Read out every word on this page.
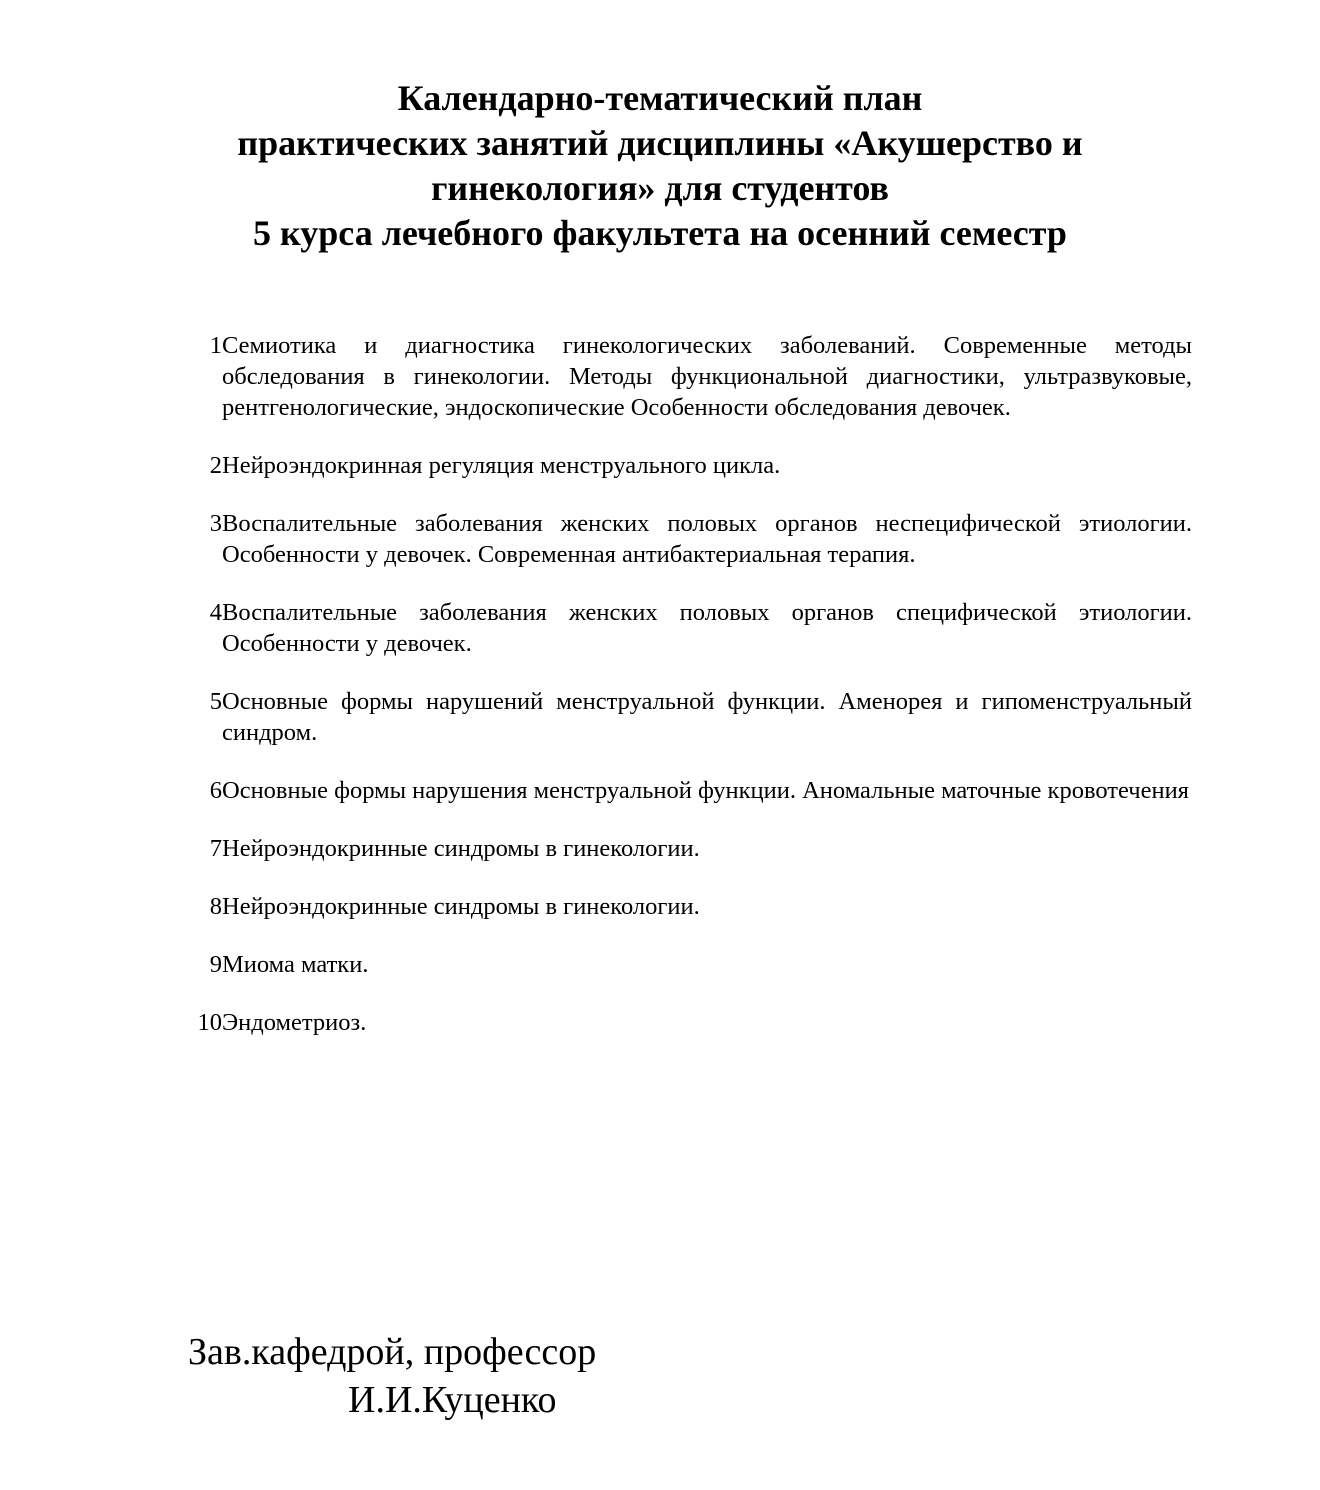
Календарно-тематический план
практических занятий дисциплины «Акушерство и
гинекология» для студентов
5 курса лечебного факультета на осенний семестр
1 Семиотика и диагностика гинекологических заболеваний. Современные методы обследования в гинекологии. Методы функциональной диагностики, ультразвуковые, рентгенологические, эндоскопические Особенности обследования девочек.
2 Нейроэндокринная регуляция менструального цикла.
3 Воспалительные заболевания женских половых органов неспецифической этиологии. Особенности у девочек. Современная антибактериальная терапия.
4 Воспалительные заболевания женских половых органов специфической этиологии. Особенности у девочек.
5 Основные формы нарушений менструальной функции. Аменорея и гипоменструальный синдром.
6 Основные формы нарушения менструальной функции. Аномальные маточные кровотечения
7 Нейроэндокринные синдромы в гинекологии.
8 Нейроэндокринные синдромы в гинекологии.
9 Миома матки.
10 Эндометриоз.
Зав.кафедрой, профессор
И.И.Куценко
